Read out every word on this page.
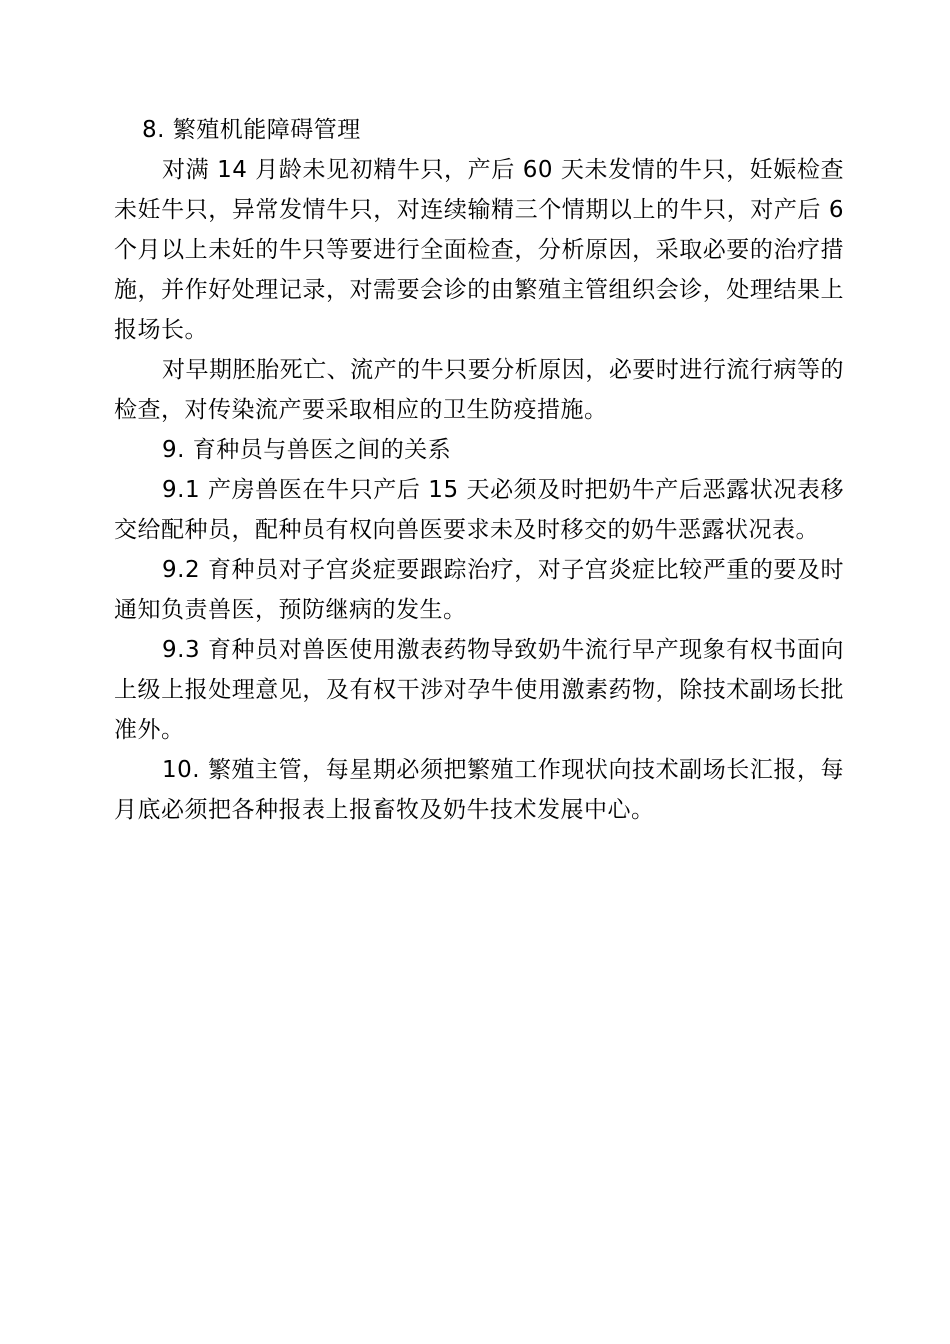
8. 繁殖机能障碍管理

对满 14 月龄未见初精牛只，产后 60 天未发情的牛只，妊娠检查未妊牛只，异常发情牛只，对连续输精三个情期以上的牛只，对产后 6 个月以上未妊的牛只等要进行全面检查，分析原因，采取必要的治疗措施，并作好处理记录，对需要会诊的由繁殖主管组织会诊，处理结果上报场长。

对早期胚胎死亡、流产的牛只要分析原因，必要时进行流行病等的检查，对传染流产要采取相应的卫生防疫措施。

9. 育种员与兽医之间的关系

9.1 产房兽医在牛只产后 15 天必须及时把奶牛产后恶露状况表移交给配种员，配种员有权向兽医要求未及时移交的奶牛恶露状况表。

9.2 育种员对子宫炎症要跟踪治疗，对子宫炎症比较严重的要及时通知负责兽医，预防继病的发生。

9.3 育种员对兽医使用激表药物导致奶牛流行早产现象有权书面向上级上报处理意见，及有权干涉对孕牛使用激素药物，除技术副场长批准外。

10. 繁殖主管，每星期必须把繁殖工作现状向技术副场长汇报，每月底必须把各种报表上报畜牧及奶牛技术发展中心。
